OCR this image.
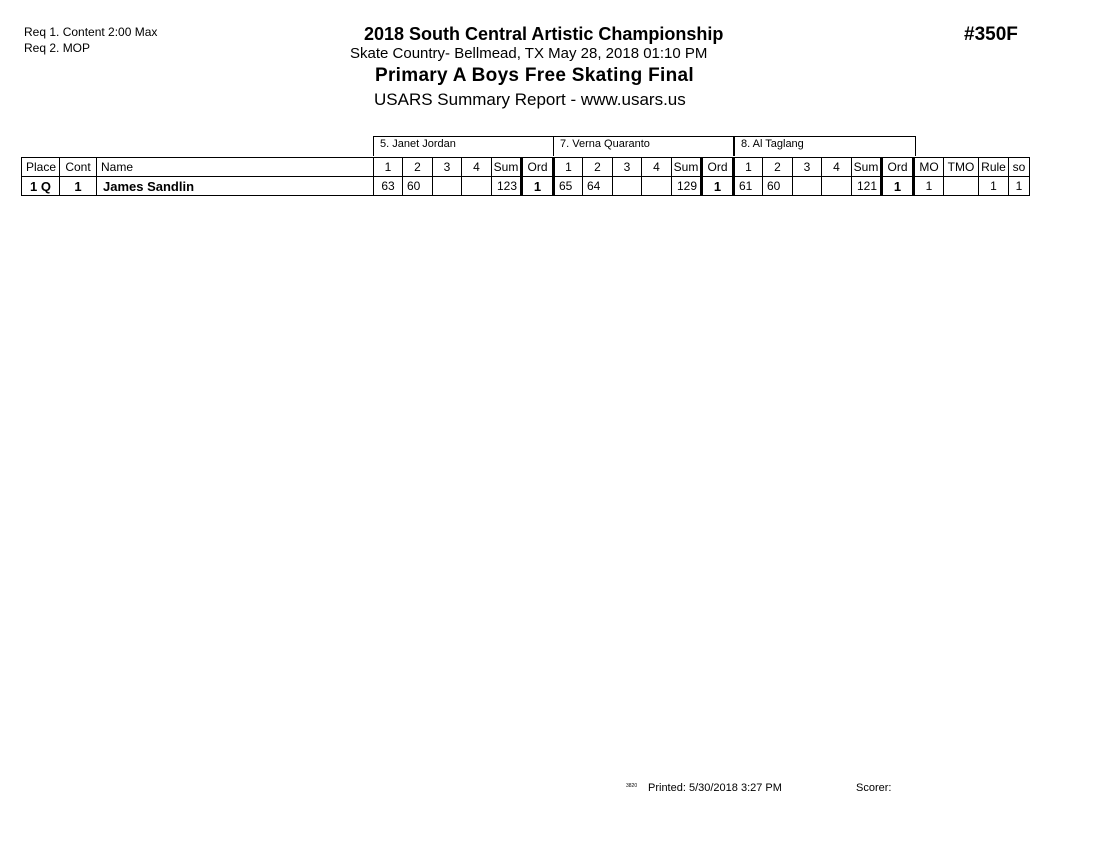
Req 1. Content 2:00 Max
Req 2. MOP
2018 South Central Artistic Championship
Skate Country- Bellmead, TX May 28, 2018 01:10 PM
Primary A Boys Free Skating Final
USARS Summary Report - www.usars.us
#350F
5. Janet Jordan	7. Verna Quaranto	8. Al Taglang
Place	Cont	Name	1	2	3	4	Sum	Ord	1	2	3	4	Sum	Ord	1	2	3	4	Sum	Ord	MO	TMO	Rule	so
1 Q	1	James Sandlin	63	60			123	1	65	64			129	1	61	60			121	1	1		1	1
3820 Printed: 5/30/2018 3:27 PM	Scorer:
